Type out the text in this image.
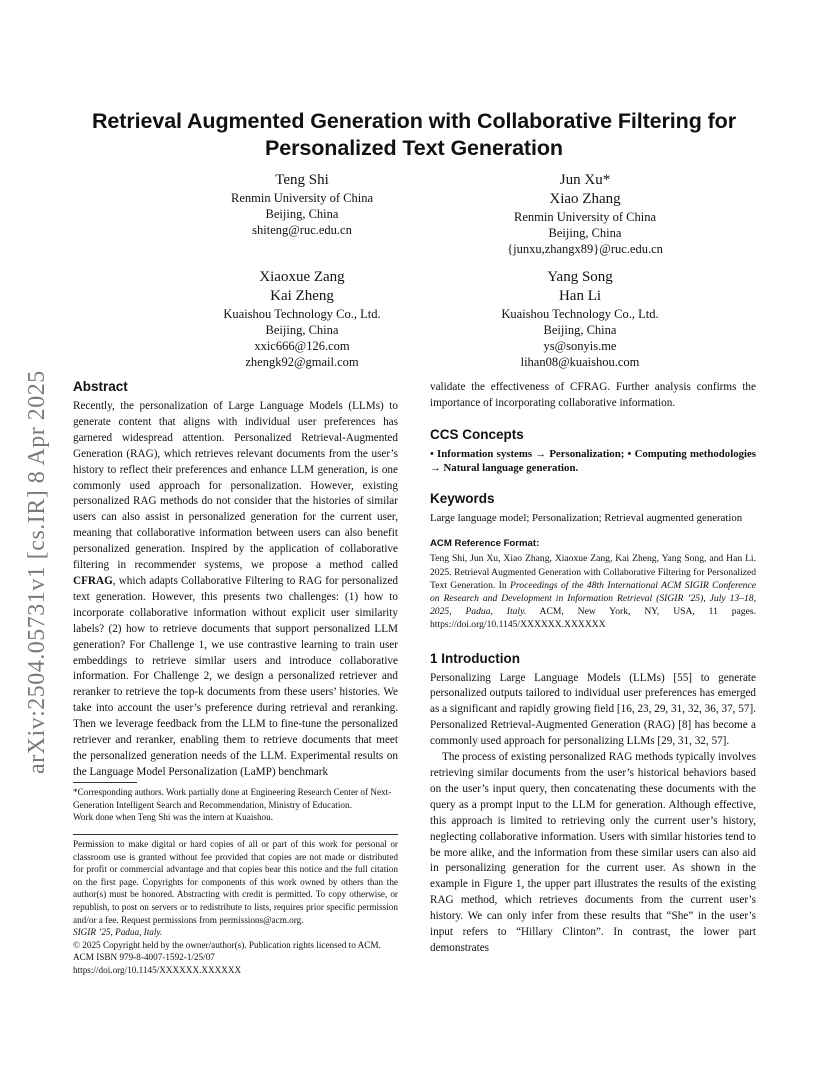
Retrieval Augmented Generation with Collaborative Filtering for Personalized Text Generation
Teng Shi
Renmin University of China
Beijing, China
shiteng@ruc.edu.cn
Jun Xu*
Xiao Zhang
Renmin University of China
Beijing, China
{junxu,zhangx89}@ruc.edu.cn
Xiaoxue Zang
Kai Zheng
Kuaishou Technology Co., Ltd.
Beijing, China
xxic666@126.com
zhengk92@gmail.com
Yang Song
Han Li
Kuaishou Technology Co., Ltd.
Beijing, China
ys@sonyis.me
lihan08@kuaishou.com
arXiv:2504.05731v1 [cs.IR] 8 Apr 2025 Abstract

Recently, the personalization of Large Language Models (LLMs) to generate content that aligns with individual user preferences has garnered widespread attention. Personalized Retrieval-Augmented Generation (RAG), which retrieves relevant documents from the user’s history to reflect their preferences and enhance LLM generation, is one commonly used approach for personalization. However, existing personalized RAG methods do not consider that the histories of similar users can also assist in personalized generation for the current user, meaning that collaborative information between users can also benefit personalized generation. Inspired by the application of collaborative filtering in recommender systems, we propose a method called CFRAG, which adapts Collaborative Filtering to RAG for personalized text generation. However, this presents two challenges: (1) how to incorporate collaborative information without explicit user similarity labels? (2) how to retrieve documents that support personalized LLM generation? For Challenge 1, we use contrastive learning to train user embeddings to retrieve similar users and introduce collaborative information. For Challenge 2, we design a personalized retriever and reranker to retrieve the top-k documents from these users’ histories. We take into account the user’s preference during retrieval and reranking. Then we leverage feedback from the LLM to fine-tune the personalized retriever and reranker, enabling them to retrieve documents that meet the personalized generation needs of the LLM. Experimental results on the Language Model Personalization (LaMP) benchmark

*Corresponding authors. Work partially done at Engineering Research Center of Next-Generation Intelligent Search and Recommendation, Ministry of Education.

Work done when Teng Shi was the intern at Kuaishou.

Permission to make digital or hard copies of all or part of this work for personal or classroom use is granted without fee provided that copies are not made or distributed for profit or commercial advantage and that copies bear this notice and the full citation on the first page. Copyrights for components of this work owned by others than the author(s) must be honored. Abstracting with credit is permitted. To copy otherwise, or republish, to post on servers or to redistribute to lists, requires prior specific permission and/or a fee. Request permissions from permissions@acm.org.

SIGIR ’25, Padua, Italy.

© 2025 Copyright held by the owner/author(s). Publication rights licensed to ACM.

ACM ISBN 979-8-4007-1592-1/25/07

https://doi.org/10.1145/XXXXXX.XXXXXX

validate the effectiveness of CFRAG. Further analysis confirms the importance of incorporating collaborative information.

CCS Concepts

• Information systems → Personalization; • Computing methodologies → Natural language generation.

Keywords

Large language model; Personalization; Retrieval augmented generation

ACM Reference Format:

Teng Shi, Jun Xu, Xiao Zhang, Xiaoxue Zang, Kai Zheng, Yang Song, and Han Li. 2025. Retrieval Augmented Generation with Collaborative Filtering for Personalized Text Generation. In Proceedings of the 48th International ACM SIGIR Conference on Research and Development in Information Retrieval (SIGIR ’25), July 13–18, 2025, Padua, Italy. ACM, New York, NY, USA, 11 pages. https://doi.org/10.1145/XXXXXX.XXXXXX

1 Introduction

Personalizing Large Language Models (LLMs) [55] to generate personalized outputs tailored to individual user preferences has emerged as a significant and rapidly growing field [16, 23, 29, 31, 32, 36, 37, 57]. Personalized Retrieval-Augmented Generation (RAG) [8] has become a commonly used approach for personalizing LLMs [29, 31, 32, 57].

The process of existing personalized RAG methods typically involves retrieving similar documents from the user’s historical behaviors based on the user’s input query, then concatenating these documents with the query as a prompt input to the LLM for generation. Although effective, this approach is limited to retrieving only the current user’s history, neglecting collaborative information. Users with similar histories tend to be more alike, and the information from these similar users can also aid in personalizing generation for the current user. As shown in the example in Figure 1, the upper part illustrates the results of the existing RAG method, which retrieves documents from the current user’s history. We can only infer from these results that “She” in the user’s input refers to “Hillary Clinton”. In contrast, the lower part demonstrates
